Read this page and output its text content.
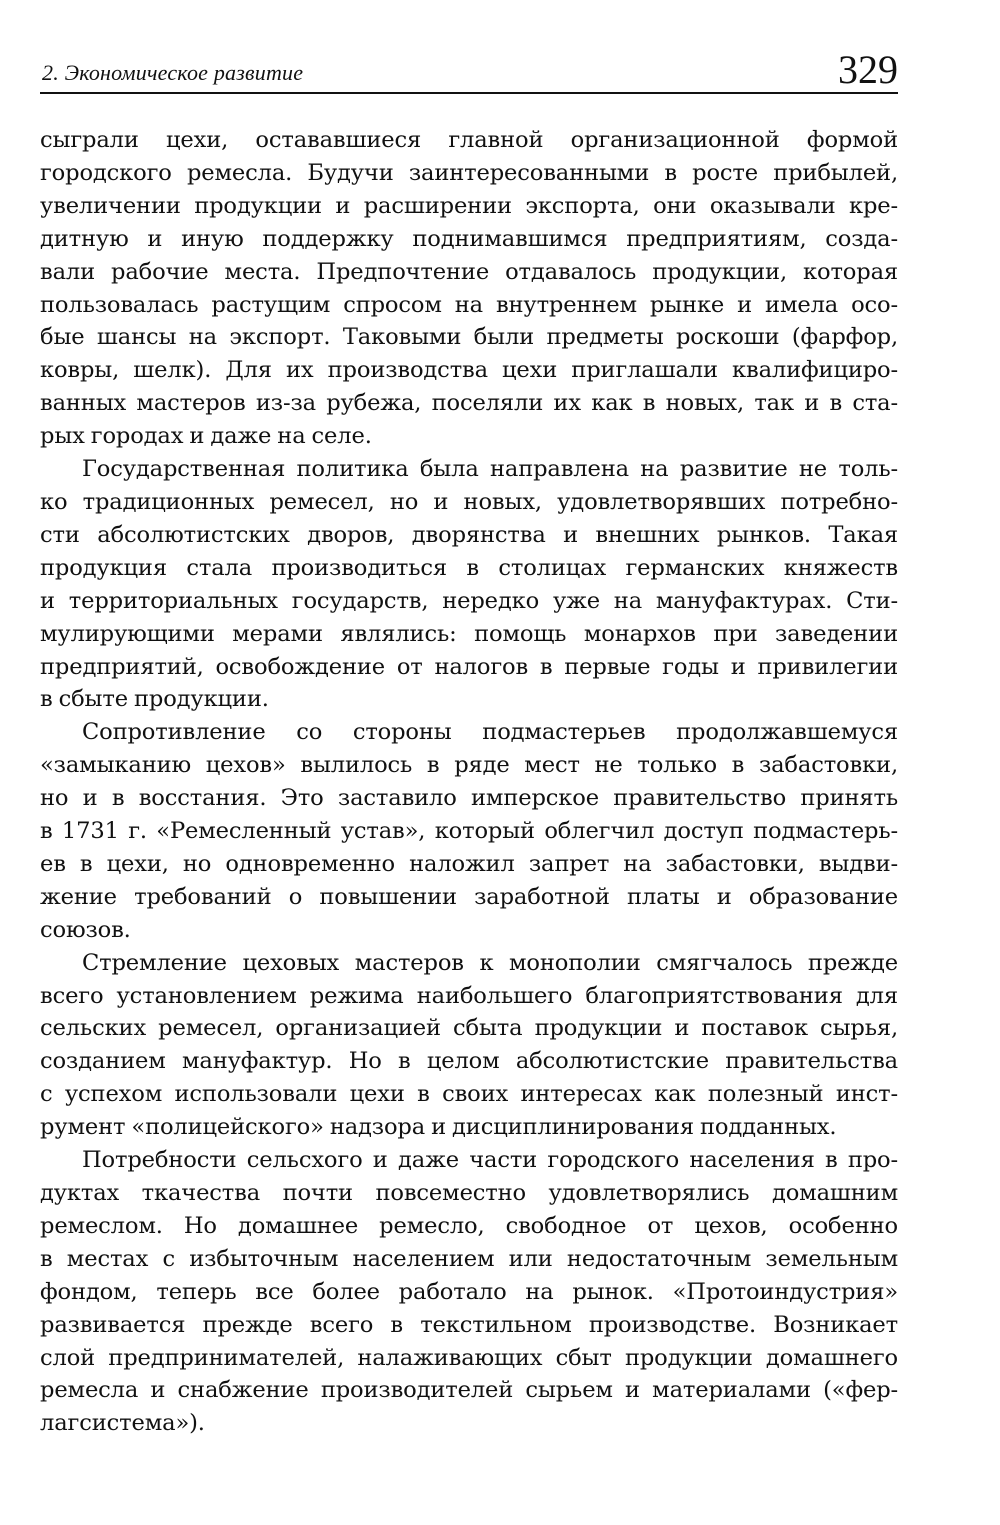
2. Экономическое развитие	329
сыграли цехи, остававшиеся главной организационной формой
городского ремесла. Будучи заинтересованными в росте прибылей,
увеличении продукции и расширении экспорта, они оказывали кре-
дитную и иную поддержку поднимавшимся предприятиям, созда-
вали рабочие места. Предпочтение отдавалось продукции, которая
пользовалась растущим спросом на внутреннем рынке и имела осо-
бые шансы на экспорт. Таковыми были предметы роскоши (фарфор,
ковры, шелк). Для их производства цехи приглашали квалифициро-
ванных мастеров из-за рубежа, поселяли их как в новых, так и в ста-
рых городах и даже на селе.
Государственная политика была направлена на развитие не толь-
ко традиционных ремесел, но и новых, удовлетворявших потребно-
сти абсолютистских дворов, дворянства и внешних рынков. Такая
продукция стала производиться в столицах германских княжеств
и территориальных государств, нередко уже на мануфактурах. Сти-
мулирующими мерами являлись: помощь монархов при заведении
предприятий, освобождение от налогов в первые годы и привилегии
в сбыте продукции.
Сопротивление со стороны подмастерьев продолжавшемуся
«замыканию цехов» вылилось в ряде мест не только в забастовки,
но и в восстания. Это заставило имперское правительство принять
в 1731 г. «Ремесленный устав», который облегчил доступ подмастерь-
ев в цехи, но одновременно наложил запрет на забастовки, выдви-
жение требований о повышении заработной платы и образование
союзов.
Стремление цеховых мастеров к монополии смягчалось прежде
всего установлением режима наибольшего благоприятствования для
сельских ремесел, организацией сбыта продукции и поставок сырья,
созданием мануфактур. Но в целом абсолютистские правительства
с успехом использовали цехи в своих интересах как полезный инст-
румент «полицейского» надзора и дисциплинирования подданных.
Потребности сельсхого и даже части городского населения в про-
дуктах ткачества почти повсеместно удовлетворялись домашним
ремеслом. Но домашнее ремесло, свободное от цехов, особенно
в местах с избыточным населением или недостаточным земельным
фондом, теперь все более работало на рынок. «Протоиндустрия»
развивается прежде всего в текстильном производстве. Возникает
слой предпринимателей, налаживающих сбыт продукции домашнего
ремесла и снабжение производителей сырьем и материалами («фер-
лагсистема»).
